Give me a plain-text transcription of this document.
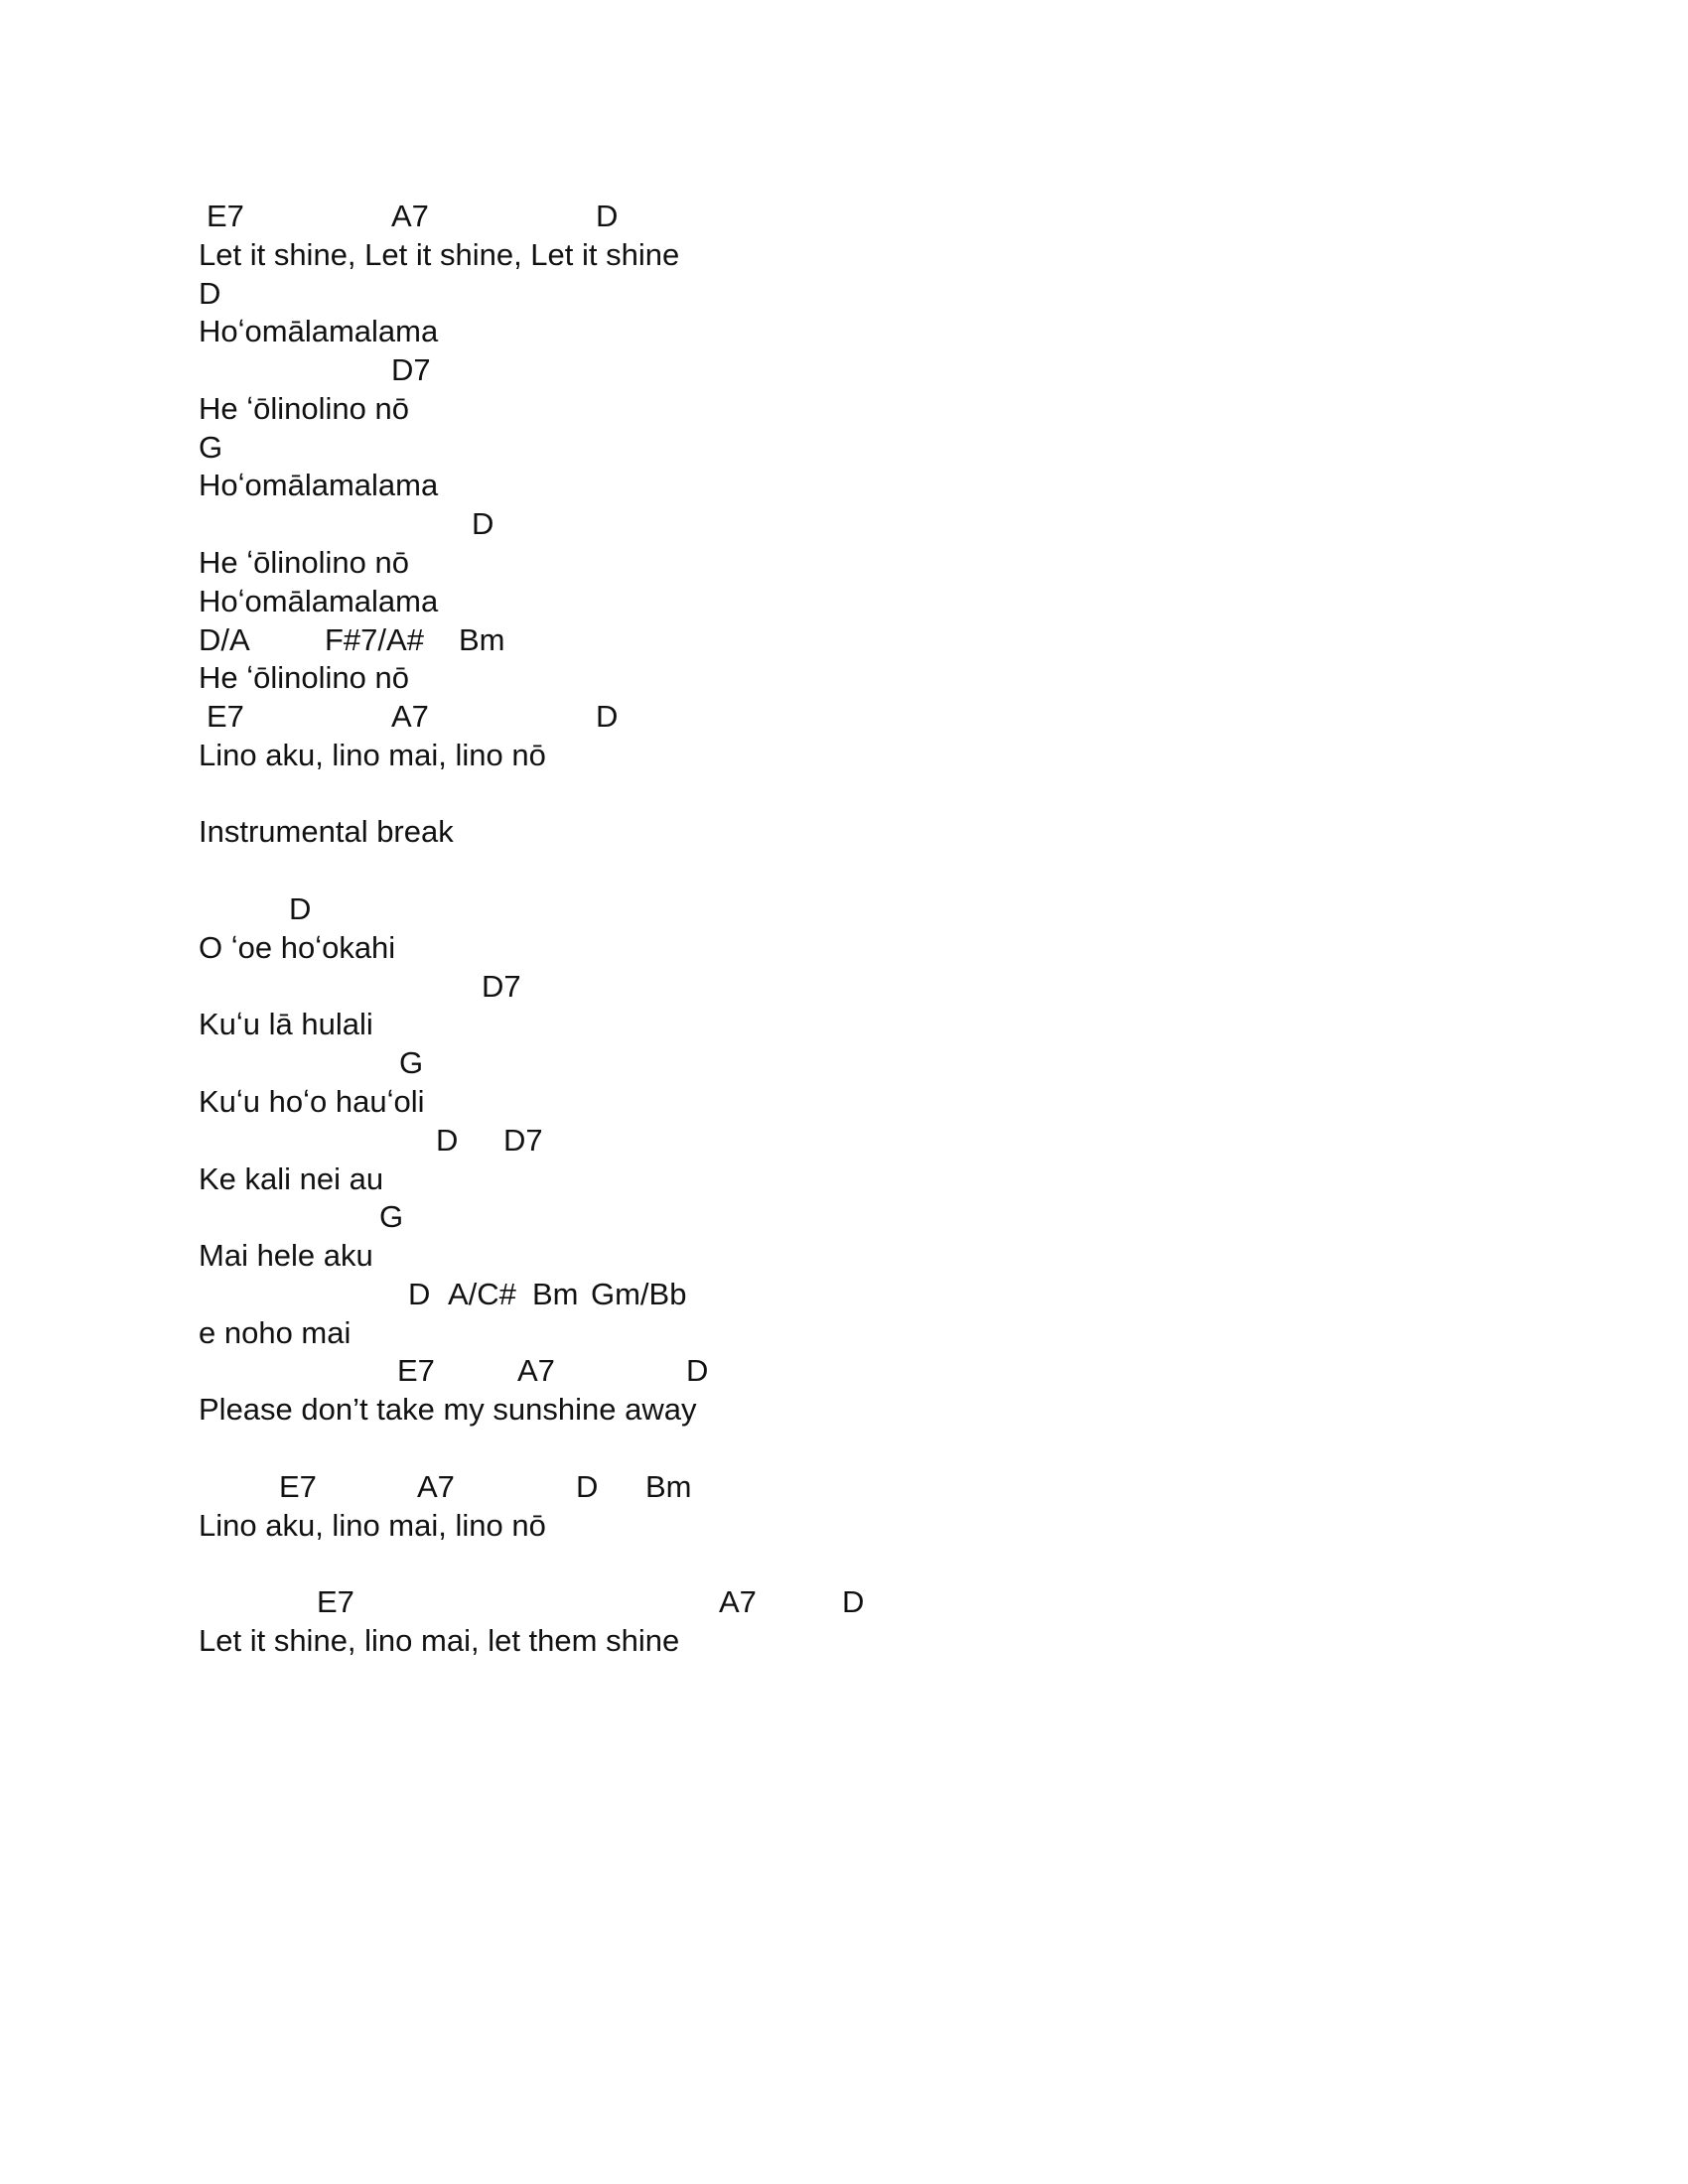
E7	A7	D
Let it shine, Let it shine, Let it shine
D
Hoʻomālamalama
D7
He ʻōlinolino nō
G
Hoʻomālamalama
D
He ʻōlinolino nō
Hoʻomālamalama
D/A F#7/A# Bm
He ʻōlinolino nō
E7	A7	D
Lino aku, lino mai, lino nō
Instrumental break
D
O ʻoe hoʻokahi
D7
Kuʻu lā hulali
G
Kuʻu hoʻo hauʻoli
D D7
Ke kali nei au
G
Mai hele aku
D A/C# Bm Gm/Bb
e noho mai
E7	A7	D
Please don’t take my sunshine away
E7	A7	D Bm
Lino aku, lino mai, lino nō
E7	A7	D
Let it shine, lino mai, let them shine
